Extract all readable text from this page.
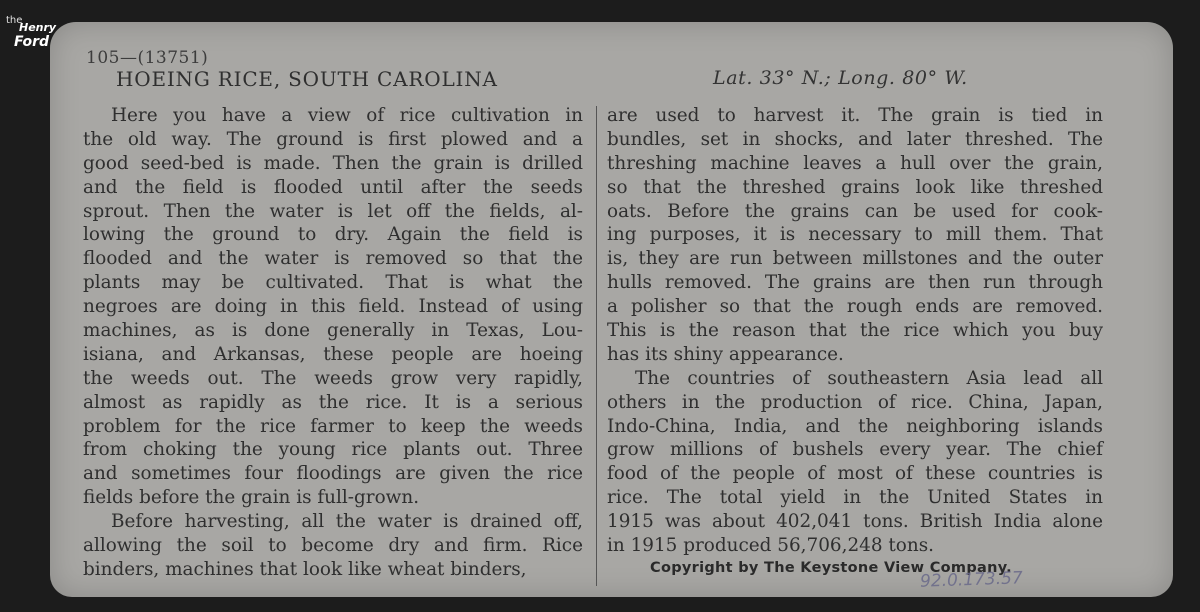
the
Henry
Ford
105—(13751)
HOEING RICE, SOUTH CAROLINA	Lat. 33° N.; Long. 80° W.
Here you have a view of rice cultivation in
the old way. The ground is first plowed and a
good seed-bed is made. Then the grain is drilled
and the field is flooded until after the seeds
sprout. Then the water is let off the fields, al-
lowing the ground to dry. Again the field is
flooded and the water is removed so that the
plants may be cultivated. That is what the
negroes are doing in this field. Instead of using
machines, as is done generally in Texas, Lou-
isiana, and Arkansas, these people are hoeing
the weeds out. The weeds grow very rapidly,
almost as rapidly as the rice. It is a serious
problem for the rice farmer to keep the weeds
from choking the young rice plants out. Three
and sometimes four floodings are given the rice
fields before the grain is full-grown.
Before harvesting, all the water is drained off,
allowing the soil to become dry and firm. Rice
binders, machines that look like wheat binders,
are used to harvest it. The grain is tied in
bundles, set in shocks, and later threshed. The
threshing machine leaves a hull over the grain,
so that the threshed grains look like threshed
oats. Before the grains can be used for cook-
ing purposes, it is necessary to mill them. That
is, they are run between millstones and the outer
hulls removed. The grains are then run through
a polisher so that the rough ends are removed.
This is the reason that the rice which you buy
has its shiny appearance.
The countries of southeastern Asia lead all
others in the production of rice. China, Japan,
Indo-China, India, and the neighboring islands
grow millions of bushels every year. The chief
food of the people of most of these countries is
rice. The total yield in the United States in
1915 was about 402,041 tons. British India alone
in 1915 produced 56,706,248 tons.
Copyright by The Keystone View Company.
92.0.173.57
